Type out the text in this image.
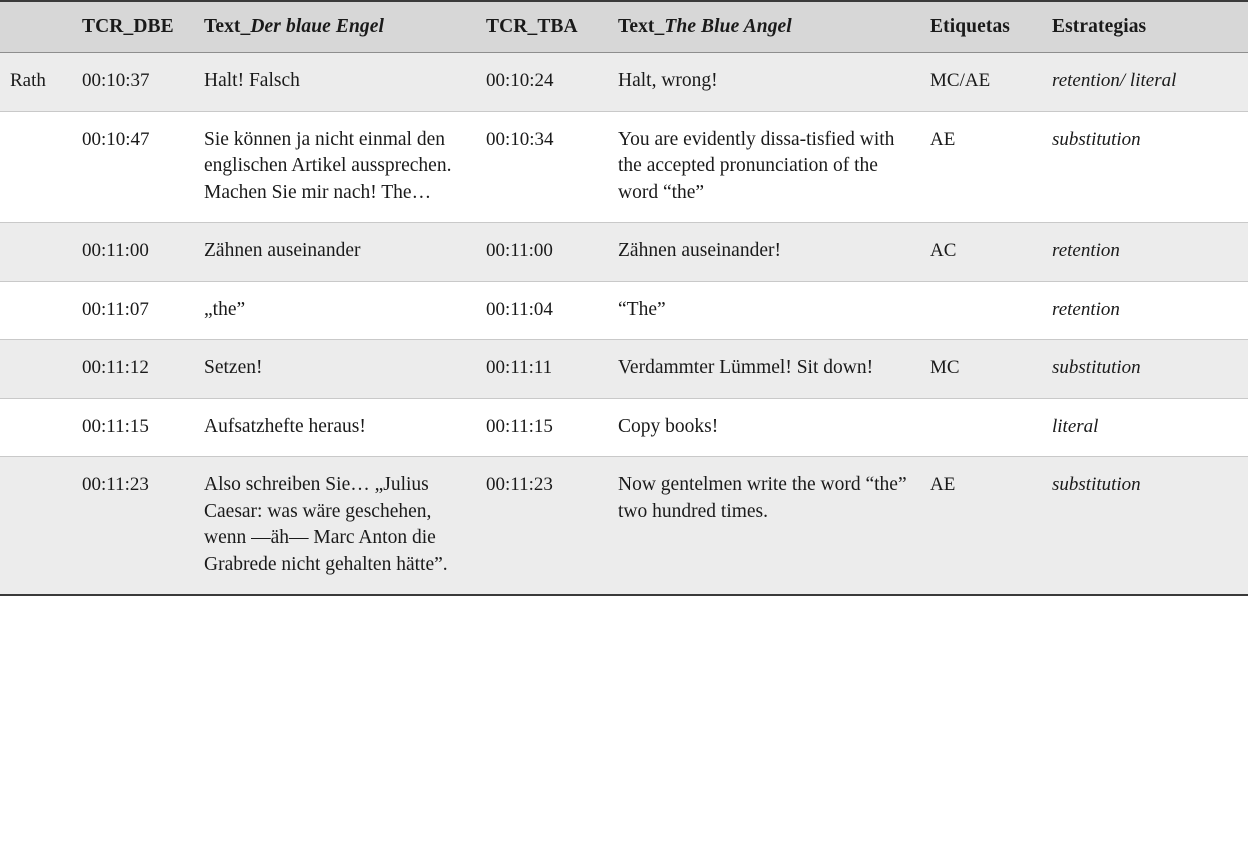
	TCR_DBE	Text_Der blaue Engel	TCR_TBA	Text_The Blue Angel	Etiquetas	Estrategias
Rath	00:10:37	Halt! Falsch	00:10:24	Halt, wrong!	MC/AE	retention/ literal
	00:10:47	Sie können ja nicht einmal den englischen Artikel aussprechen. Machen Sie mir nach! The…	00:10:34	You are evidently dissa-tisfied with the accepted pronunciation of the word “the”	AE	substitution
	00:11:00	Zähnen auseinander	00:11:00	Zähnen auseinander!	AC	retention
	00:11:07	„the”	00:11:04	“The”		retention
	00:11:12	Setzen!	00:11:11	Verdammter Lümmel! Sit down!	MC	substitution
	00:11:15	Aufsatzhefte heraus!	00:11:15	Copy books!		literal
	00:11:23	Also schreiben Sie… „Julius Caesar: was wäre geschehen, wenn —äh— Marc Anton die Grabrede nicht gehalten hätte”.	00:11:23	Now gentelmen write the word “the” two hundred times.	AE	substitution
